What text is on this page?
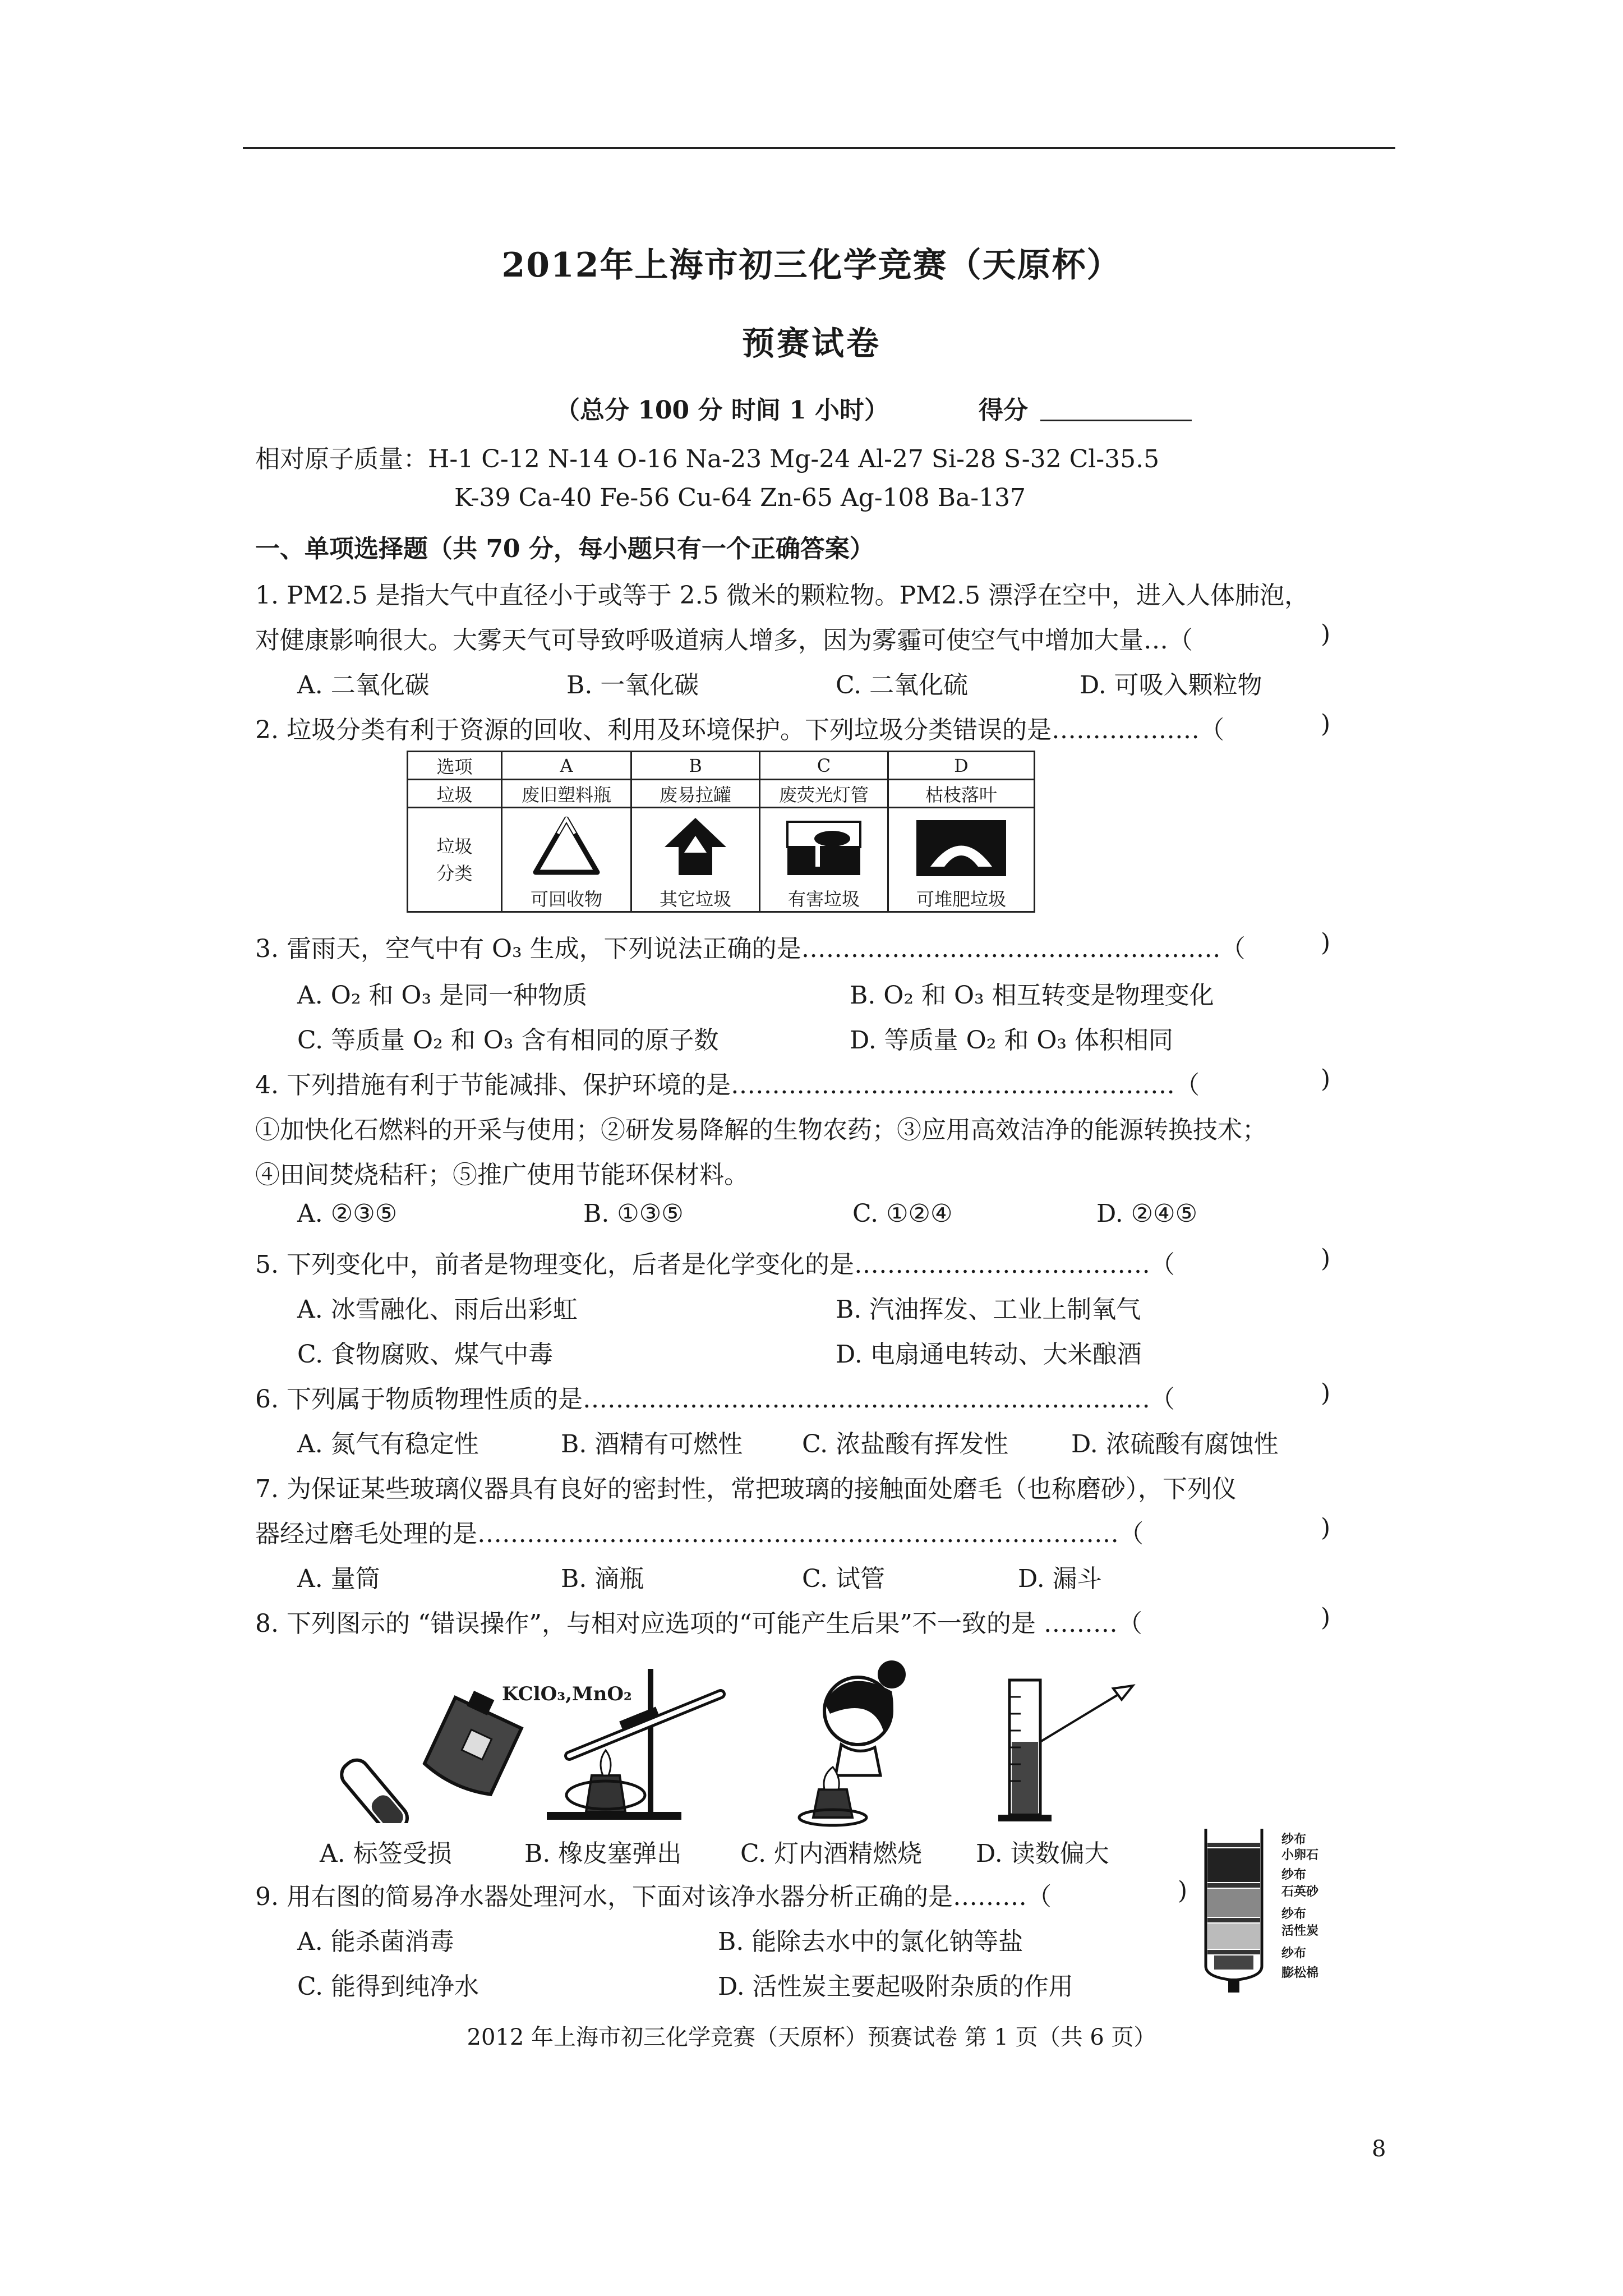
2012年上海市初三化学竞赛（天原杯）
预赛试卷
（总分 100 分 时间 1 小时）	得分
相对原子质量：H-1 C-12 N-14 O-16 Na-23 Mg-24 Al-27 Si-28 S-32 Cl-35.5
K-39 Ca-40 Fe-56 Cu-64 Zn-65 Ag-108 Ba-137
一、单项选择题（共 70 分，每小题只有一个正确答案）
1. PM2.5 是指大气中直径小于或等于 2.5 微米的颗粒物。PM2.5 漂浮在空中，进入人体肺泡，
对健康影响很大。大雾天气可导致呼吸道病人增多，因为雾霾可使空气中增加大量…（	)
A. 二氧化碳	B. 一氧化碳	C. 二氧化硫	D. 可吸入颗粒物
2. 垃圾分类有利于资源的回收、利用及环境保护。下列垃圾分类错误的是………………（	)
选项	A	B	C	D
垃圾	废旧塑料瓶	废易拉罐	废荧光灯管	枯枝落叶
垃圾分类	可回收物	其它垃圾	有害垃圾	可堆肥垃圾
3. 雷雨天，空气中有 O₃ 生成，下列说法正确的是……………………………………………（	)
A. O₂ 和 O₃ 是同一种物质	B. O₂ 和 O₃ 相互转变是物理变化
C. 等质量 O₂ 和 O₃ 含有相同的原子数	D. 等质量 O₂ 和 O₃ 体积相同
4. 下列措施有利于节能减排、保护环境的是………………………………………………（	)
①加快化石燃料的开采与使用；②研发易降解的生物农药；③应用高效洁净的能源转换技术；
④田间焚烧秸秆；⑤推广使用节能环保材料。
A. ②③⑤	B. ①③⑤	C. ①②④	D. ②④⑤
5. 下列变化中，前者是物理变化，后者是化学变化的是………………………………（	)
A. 冰雪融化、雨后出彩虹	B. 汽油挥发、工业上制氧气
C. 食物腐败、煤气中毒	D. 电扇通电转动、大米酿酒
6. 下列属于物质物理性质的是……………………………………………………………（	)
A. 氮气有稳定性	B. 酒精有可燃性 C. 浓盐酸有挥发性	D. 浓硫酸有腐蚀性
7. 为保证某些玻璃仪器具有良好的密封性，常把玻璃的接触面处磨毛（也称磨砂），下列仪
器经过磨毛处理的是……………………………………………………………………（	)
A. 量筒	B. 滴瓶	C. 试管	D. 漏斗
8. 下列图示的 “错误操作”，与相对应选项的“可能产生后果”不一致的是 ………（	)
KClO₃,MnO₂
A. 标签受损	B. 橡皮塞弹出 C. 灯内酒精燃烧 D. 读数偏大
9. 用右图的简易净水器处理河水，下面对该净水器分析正确的是………（	)
A. 能杀菌消毒	B. 能除去水中的氯化钠等盐
C. 能得到纯净水	D. 活性炭主要起吸附杂质的作用
纱布
小卵石
纱布
石英砂
纱布
活性炭
纱布
膨松棉
2012 年上海市初三化学竞赛（天原杯）预赛试卷 第 1 页（共 6 页）
8
